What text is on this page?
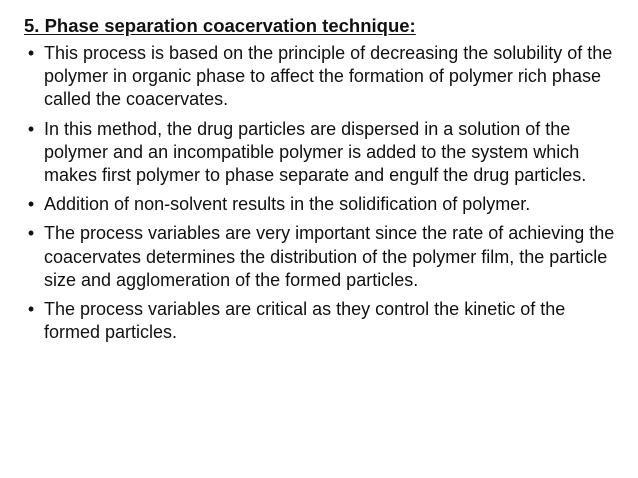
5. Phase separation coacervation technique:
• This process is based on the principle of decreasing the solubility of the polymer in organic phase to affect the formation of polymer rich phase called the coacervates.
• In this method, the drug particles are dispersed in a solution of the polymer and an incompatible polymer is added to the system which makes first polymer to phase separate and engulf the drug particles.
• Addition of non-solvent results in the solidification of polymer.
• The process variables are very important since the rate of achieving the coacervates determines the distribution of the polymer film, the particle size and agglomeration of the formed particles.
• The process variables are critical as they control the kinetic of the formed particles.
